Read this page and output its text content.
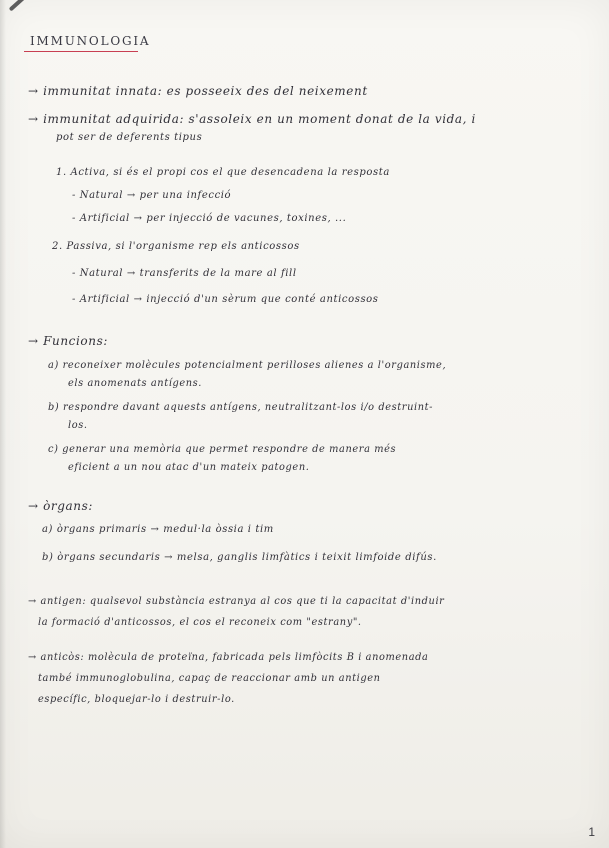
IMMUNOLOGIA
→ immunitat innata: es posseeix des del neixement
→ immunitat adquirida: s'assoleix en un moment donat de la vida, i
pot ser de deferents tipus
1. Activa, si és el propi cos el que desencadena la resposta
- Natural → per una infecció
- Artificial → per injecció de vacunes, toxines, ...
2. Passiva, si l'organisme rep els anticossos
- Natural → transferits de la mare al fill
- Artificial → injecció d'un sèrum que conté anticossos
→ Funcions:
a) reconeixer molècules potencialment perilloses alienes a l'organisme,
els anomenats antígens.
b) respondre davant aquests antígens, neutralitzant-los i/o destruint-
los.
c) generar una memòria que permet respondre de manera més
eficient a un nou atac d'un mateix patogen.
→ òrgans:
a) òrgans primaris → medul·la òssia i tim
b) òrgans secundaris → melsa, ganglis limfàtics i teixit limfoide difús.
→ antigen: qualsevol substància estranya al cos que ti la capacitat d'induir
la formació d'anticossos, el cos el reconeix com "estrany".
→ anticòs: molècula de proteïna, fabricada pels limfòcits B i anomenada
també immunoglobulina, capaç de reaccionar amb un antigen
específic, bloquejar-lo i destruir-lo.
1
